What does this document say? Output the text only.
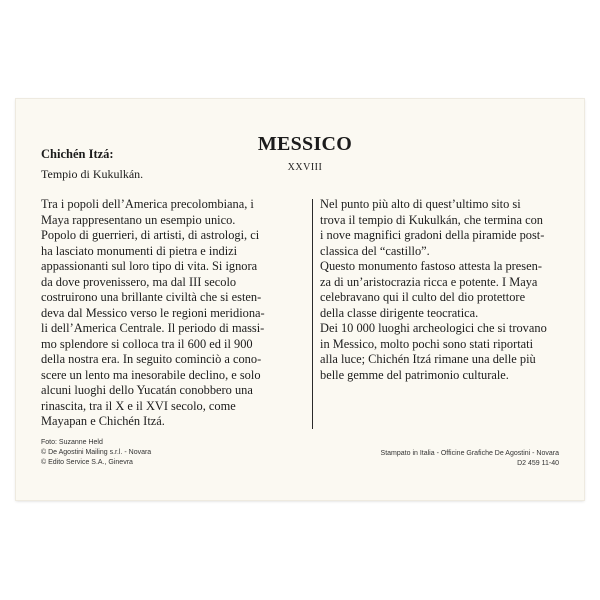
MESSICO
XXVIII
Chichén Itzá:
Tempio di Kukulkán.
Tra i popoli dell’America precolombiana, i
Maya rappresentano un esempio unico.
Popolo di guerrieri, di artisti, di astrologi, ci
ha lasciato monumenti di pietra e indizi
appassionanti sul loro tipo di vita. Si ignora
da dove provenissero, ma dal III secolo
costruirono una brillante civiltà che si esten-
deva dal Messico verso le regioni meridiona-
li dell’America Centrale. Il periodo di massi-
mo splendore si colloca tra il 600 ed il 900
della nostra era. In seguito cominciò a cono-
scere un lento ma inesorabile declino, e solo
alcuni luoghi dello Yucatán conobbero una
rinascita, tra il X e il XVI secolo, come
Mayapan e Chichén Itzá.
Nel punto più alto di quest’ultimo sito si
trova il tempio di Kukulkán, che termina con
i nove magnifici gradoni della piramide post-
classica del “castillo”.
Questo monumento fastoso attesta la presen-
za di un’aristocrazia ricca e potente. I Maya
celebravano qui il culto del dio protettore
della classe dirigente teocratica.
Dei 10 000 luoghi archeologici che si trovano
in Messico, molto pochi sono stati riportati
alla luce; Chichén Itzá rimane una delle più
belle gemme del patrimonio culturale.
Foto: Suzanne Held
© De Agostini Mailing s.r.l. - Novara
© Edito Service S.A., Ginevra
Stampato in Italia - Officine Grafiche De Agostini - Novara
D2 459 11-40
